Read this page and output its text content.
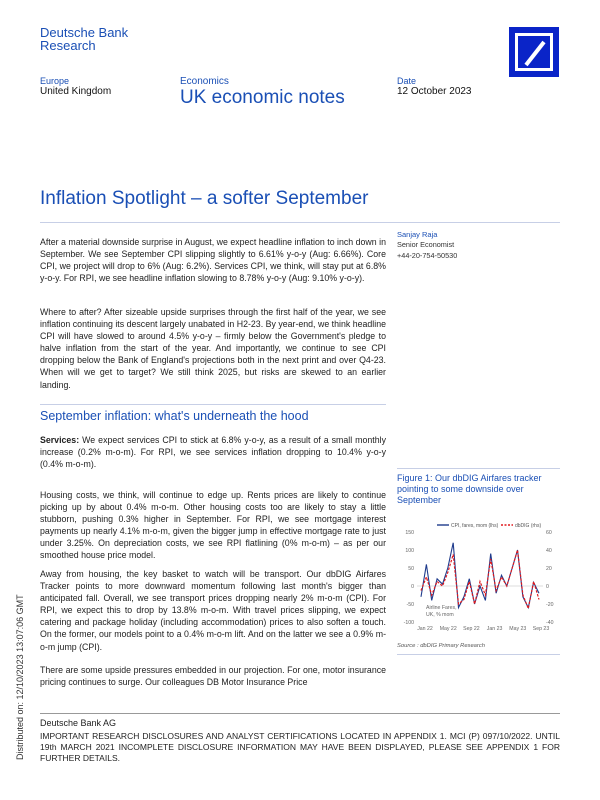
Deutsche Bank
Research
Europe
United Kingdom
Economics
UK economic notes
Date
12 October 2023
Inflation Spotlight – a softer September
Sanjay Raja
Senior Economist
+44-20-754-50530
After a material downside surprise in August, we expect headline inflation to inch down in September. We see September CPI slipping slightly to 6.61% y-o-y (Aug: 6.66%). Core CPI, we project will drop to 6% (Aug: 6.2%). Services CPI, we think, will stay put at 6.8% y-o-y. For RPI, we see headline inflation slowing to 8.78% y-o-y (Aug: 9.10% y-o-y).
Where to after? After sizeable upside surprises through the first half of the year, we see inflation continuing its descent largely unabated in H2-23. By year-end, we think headline CPI will have slowed to around 4.5% y-o-y – firmly below the Government's pledge to halve inflation from the start of the year. And importantly, we continue to see CPI dropping below the Bank of England's projections both in the next print and over Q4-23. When will we get to target? We still think 2025, but risks are skewed to an earlier landing.
September inflation: what's underneath the hood
Services: We expect services CPI to stick at 6.8% y-o-y, as a result of a small monthly increase (0.2% m-o-m). For RPI, we see services inflation dropping to 10.4% y-o-y (0.4% m-o-m).
Housing costs, we think, will continue to edge up. Rents prices are likely to continue picking up by about 0.4% m-o-m. Other housing costs too are likely to stay a little stubborn, pushing 0.3% higher in September. For RPI, we see mortgage interest payments up nearly 4.1% m-o-m, given the bigger jump in effective mortgage rate to just under 3.25%. On depreciation costs, we see RPI flatlining (0% m-o-m) – as per our smoothed house price model.
Away from housing, the key basket to watch will be transport. Our dbDIG Airfares Tracker points to more downward momentum following last month's bigger than anticipated fall. Overall, we see transport prices dropping nearly 2% m-o-m (CPI). For RPI, we expect this to drop by 13.8% m-o-m. With travel prices slipping, we expect catering and package holiday (including accommodation) prices to also soften a touch. On the former, our models point to a 0.4% m-o-m lift. And on the latter we see a 0.9% m-o-m jump (CPI).
There are some upside pressures embedded in our projection. For one, motor insurance pricing continues to surge. Our colleagues DB Motor Insurance Price
Figure 1: Our dbDIG Airfares tracker pointing to some downside over September
CPI, fares, mom (lhs)	dbDIG (rhs)
150
100
50
0
-50
-100
60
40
20
0
-20
-40
Jan 22 May 22 Sep 22 Jan 23 May 23 Sep 23
Airline Fares,
UK, % mom
Source : dbDIG Primary Research
Deutsche Bank AG
IMPORTANT RESEARCH DISCLOSURES AND ANALYST CERTIFICATIONS LOCATED IN APPENDIX 1. MCI (P) 097/10/2022. UNTIL 19th MARCH 2021 INCOMPLETE DISCLOSURE INFORMATION MAY HAVE BEEN DISPLAYED, PLEASE SEE APPENDIX 1 FOR FURTHER DETAILS.
Distributed on: 12/10/2023 13:07:06 GMT
